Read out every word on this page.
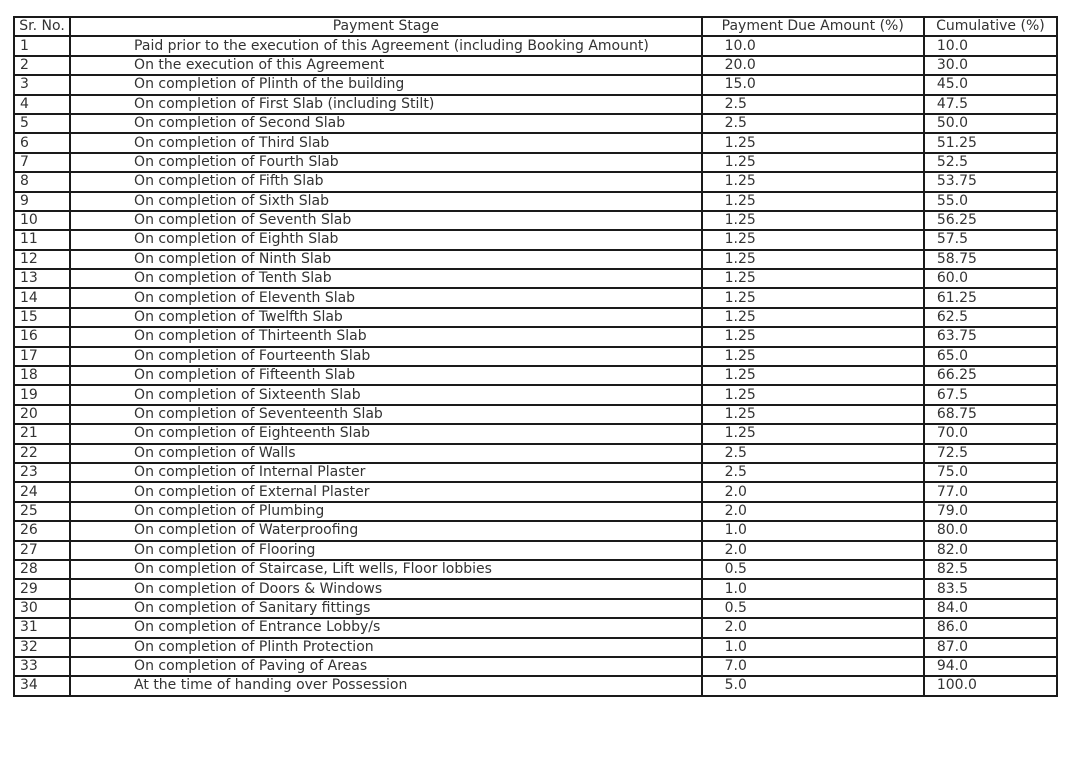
Sr. No.	Payment Stage	Payment Due Amount (%)	Cumulative (%)
1	Paid prior to the execution of this Agreement (including Booking Amount)	10.0	10.0
2	On the execution of this Agreement	20.0	30.0
3	On completion of Plinth of the building	15.0	45.0
4	On completion of First Slab (including Stilt)	2.5	47.5
5	On completion of Second Slab	2.5	50.0
6	On completion of Third Slab	1.25	51.25
7	On completion of Fourth Slab	1.25	52.5
8	On completion of Fifth Slab	1.25	53.75
9	On completion of Sixth Slab	1.25	55.0
10	On completion of Seventh Slab	1.25	56.25
11	On completion of Eighth Slab	1.25	57.5
12	On completion of Ninth Slab	1.25	58.75
13	On completion of Tenth Slab	1.25	60.0
14	On completion of Eleventh Slab	1.25	61.25
15	On completion of Twelfth Slab	1.25	62.5
16	On completion of Thirteenth Slab	1.25	63.75
17	On completion of Fourteenth Slab	1.25	65.0
18	On completion of Fifteenth Slab	1.25	66.25
19	On completion of Sixteenth Slab	1.25	67.5
20	On completion of Seventeenth Slab	1.25	68.75
21	On completion of Eighteenth Slab	1.25	70.0
22	On completion of Walls	2.5	72.5
23	On completion of Internal Plaster	2.5	75.0
24	On completion of External Plaster	2.0	77.0
25	On completion of Plumbing	2.0	79.0
26	On completion of Waterproofing	1.0	80.0
27	On completion of Flooring	2.0	82.0
28	On completion of Staircase, Lift wells, Floor lobbies	0.5	82.5
29	On completion of Doors & Windows	1.0	83.5
30	On completion of Sanitary fittings	0.5	84.0
31	On completion of Entrance Lobby/s	2.0	86.0
32	On completion of Plinth Protection	1.0	87.0
33	On completion of Paving of Areas	7.0	94.0
34	At the time of handing over Possession	5.0	100.0
